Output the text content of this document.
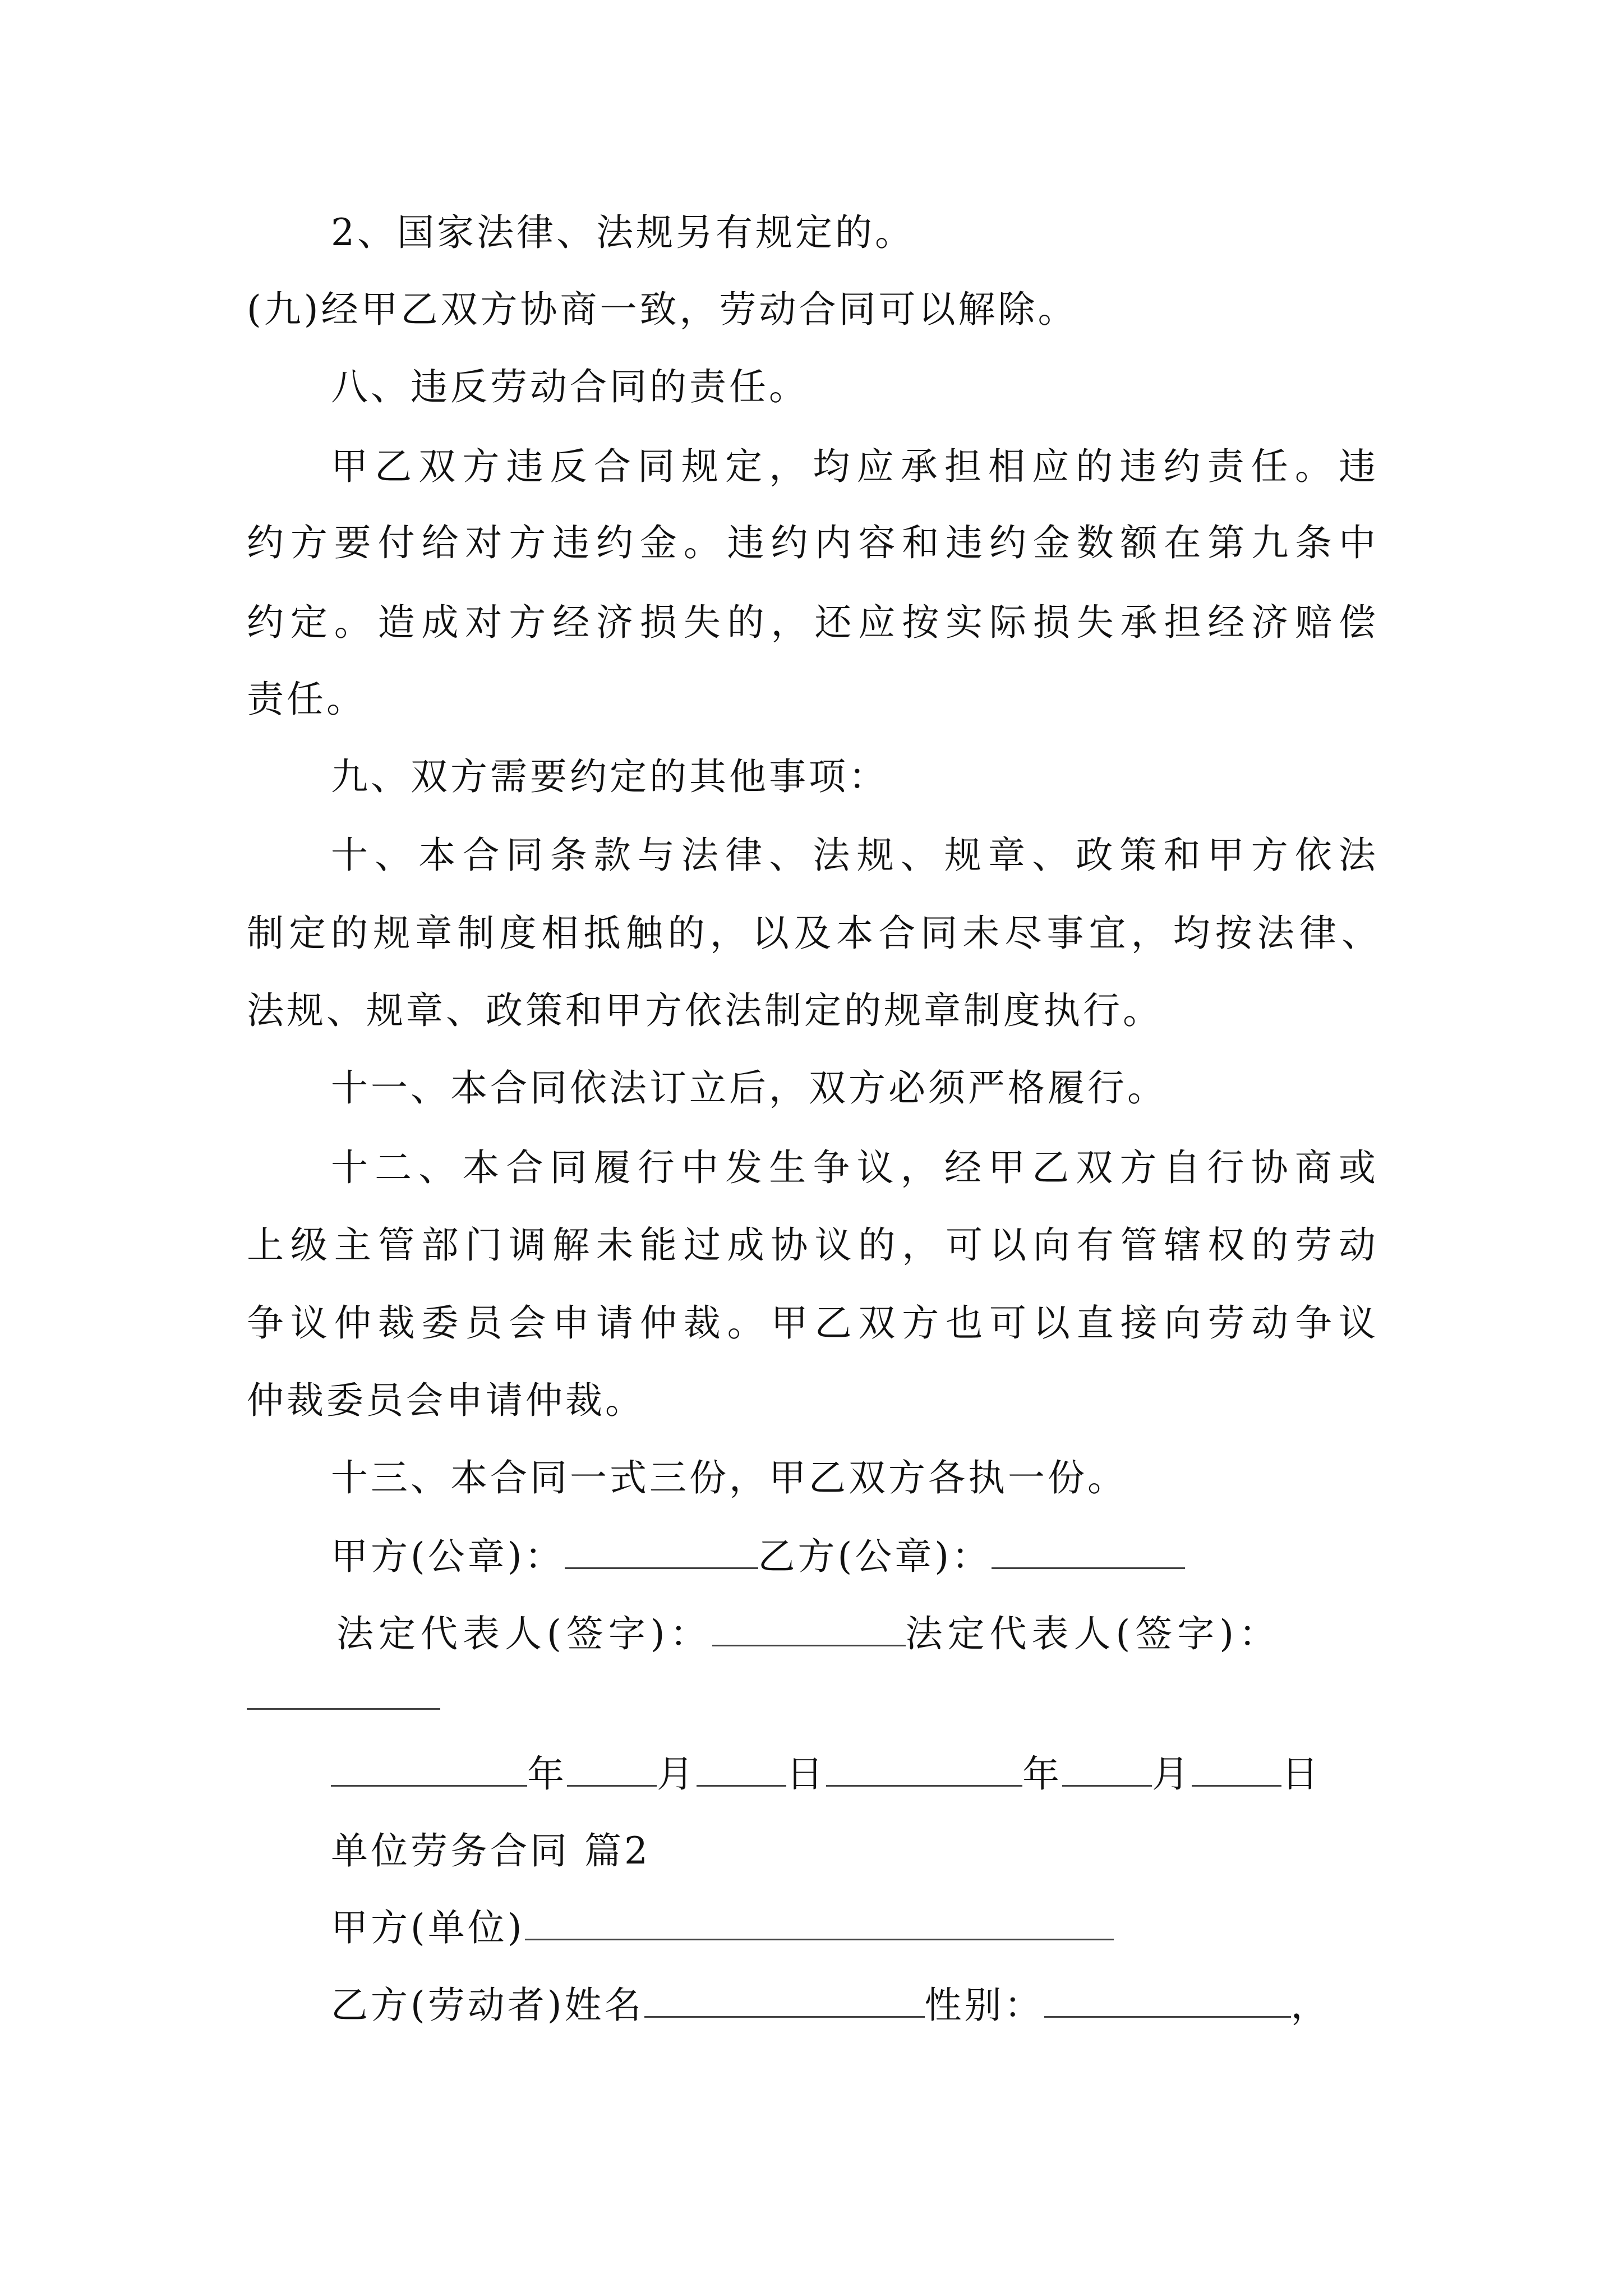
2、国家法律、法规另有规定的。
(九)经甲乙双方协商一致，劳动合同可以解除。
八、违反劳动合同的责任。
甲乙双方违反合同规定，均应承担相应的违约责任。违
约方要付给对方违约金。违约内容和违约金数额在第九条中
约定。造成对方经济损失的，还应按实际损失承担经济赔偿
责任。
九、双方需要约定的其他事项：
十、本合同条款与法律、法规、规章、政策和甲方依法
制定的规章制度相抵触的，以及本合同未尽事宜，均按法律、
法规、规章、政策和甲方依法制定的规章制度执行。
十一、本合同依法订立后，双方必须严格履行。
十二、本合同履行中发生争议，经甲乙双方自行协商或
上级主管部门调解未能过成协议的，可以向有管辖权的劳动
争议仲裁委员会申请仲裁。甲乙双方也可以直接向劳动争议
仲裁委员会申请仲裁。
十三、本合同一式三份，甲乙双方各执一份。
甲方(公章)：	乙方(公章)：
法定代表人(签字)：	法定代表人(签字)：
年 月 日	年 月 日
单位劳务合同 篇2
甲方(单位)
乙方(劳动者)姓名	性别：	，
